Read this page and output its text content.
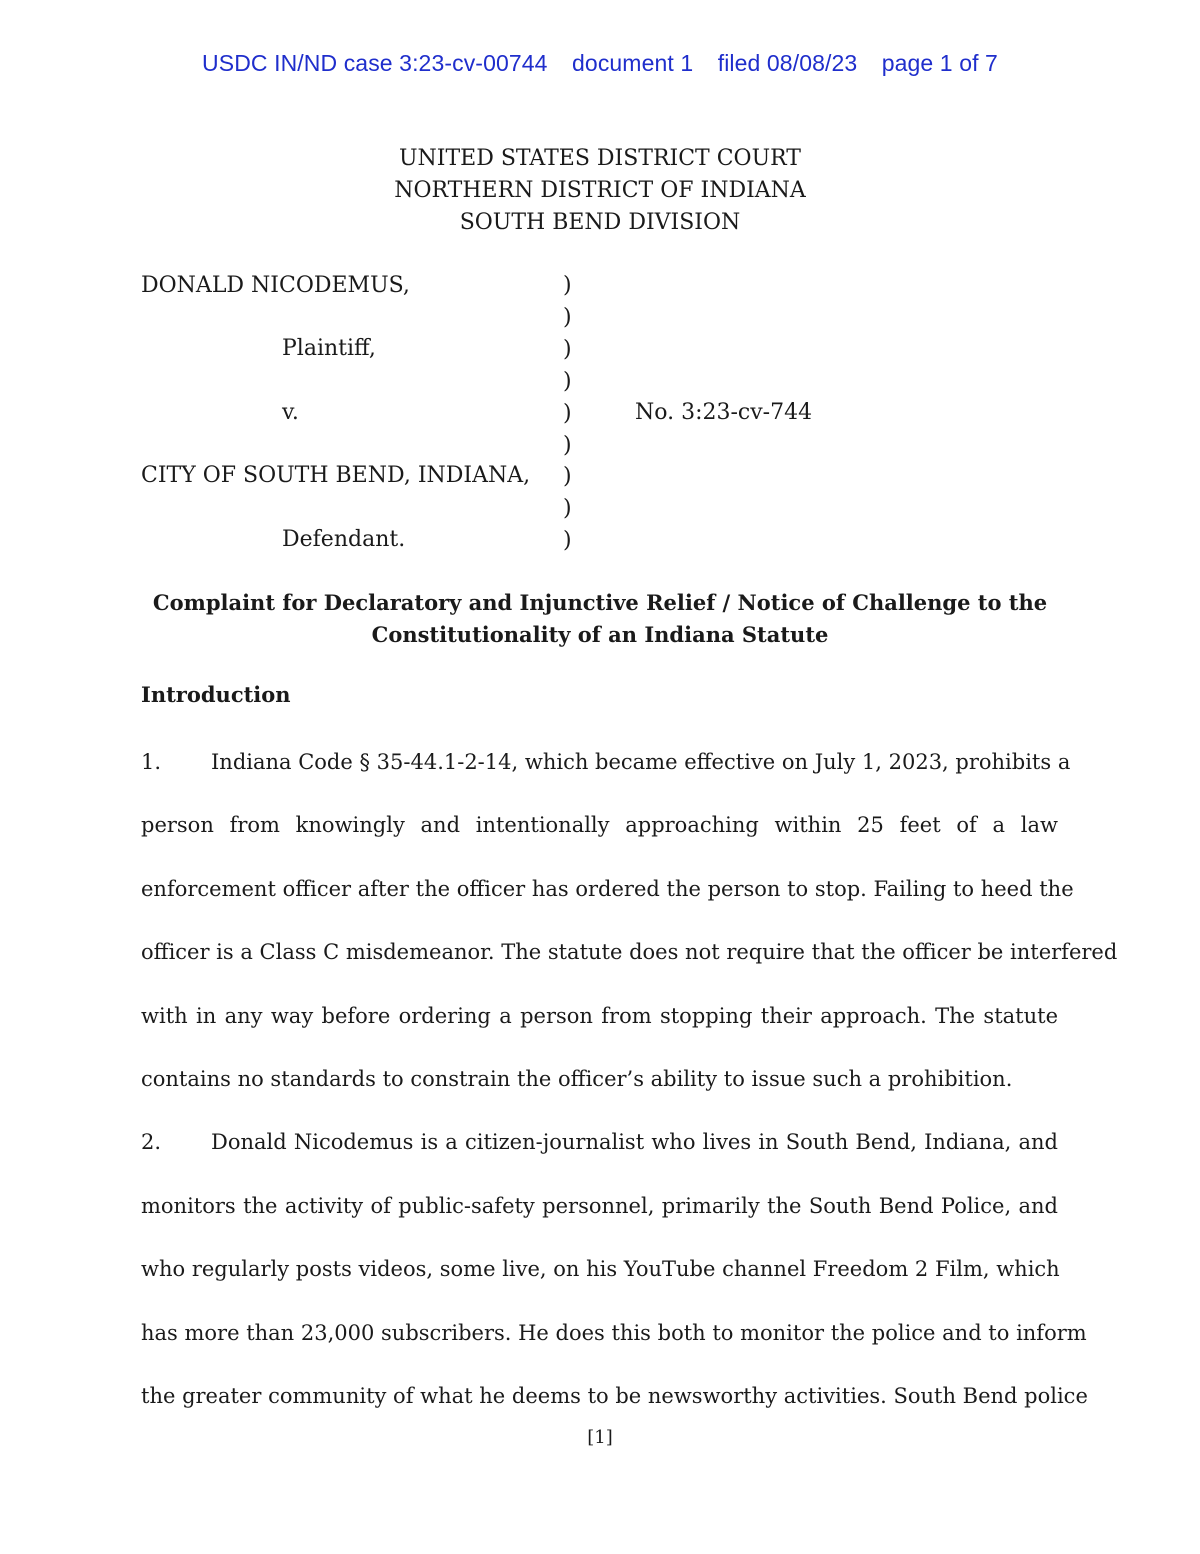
USDC IN/ND case 3:23-cv-00744 document 1 filed 08/08/23 page 1 of 7
UNITED STATES DISTRICT COURT
NORTHERN DISTRICT OF INDIANA
SOUTH BEND DIVISION
DONALD NICODEMUS,
Plaintiff,
v.	No. 3:23-cv-744
CITY OF SOUTH BEND, INDIANA,
Defendant.
)
)
)
)
)
)
)
)
)
Complaint for Declaratory and Injunctive Relief / Notice of Challenge to the
Constitutionality of an Indiana Statute
Introduction
1. Indiana Code § 35-44.1-2-14, which became effective on July 1, 2023, prohibits a
person from knowingly and intentionally approaching within 25 feet of a law
enforcement officer after the officer has ordered the person to stop. Failing to heed the
officer is a Class C misdemeanor. The statute does not require that the officer be interfered
with in any way before ordering a person from stopping their approach. The statute
contains no standards to constrain the officer’s ability to issue such a prohibition.
2. Donald Nicodemus is a citizen-journalist who lives in South Bend, Indiana, and
monitors the activity of public-safety personnel, primarily the South Bend Police, and
who regularly posts videos, some live, on his YouTube channel Freedom 2 Film, which
has more than 23,000 subscribers. He does this both to monitor the police and to inform
the greater community of what he deems to be newsworthy activities. South Bend police
[1]
